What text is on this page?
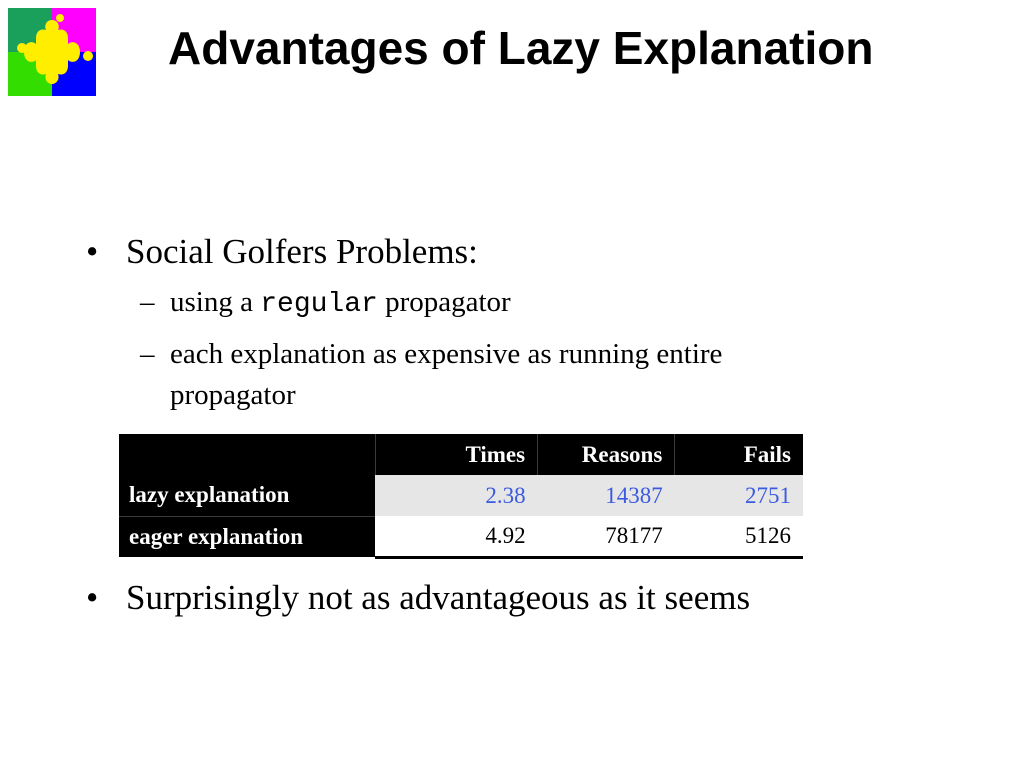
Advantages of Lazy Explanation
• Social Golfers Problems:
– using a regular propagator
– each explanation as expensive as running entire propagator
	Times	Reasons	Fails
lazy explanation	2.38	14387	2751
eager explanation	4.92	78177	5126
• Surprisingly not as advantageous as it seems
